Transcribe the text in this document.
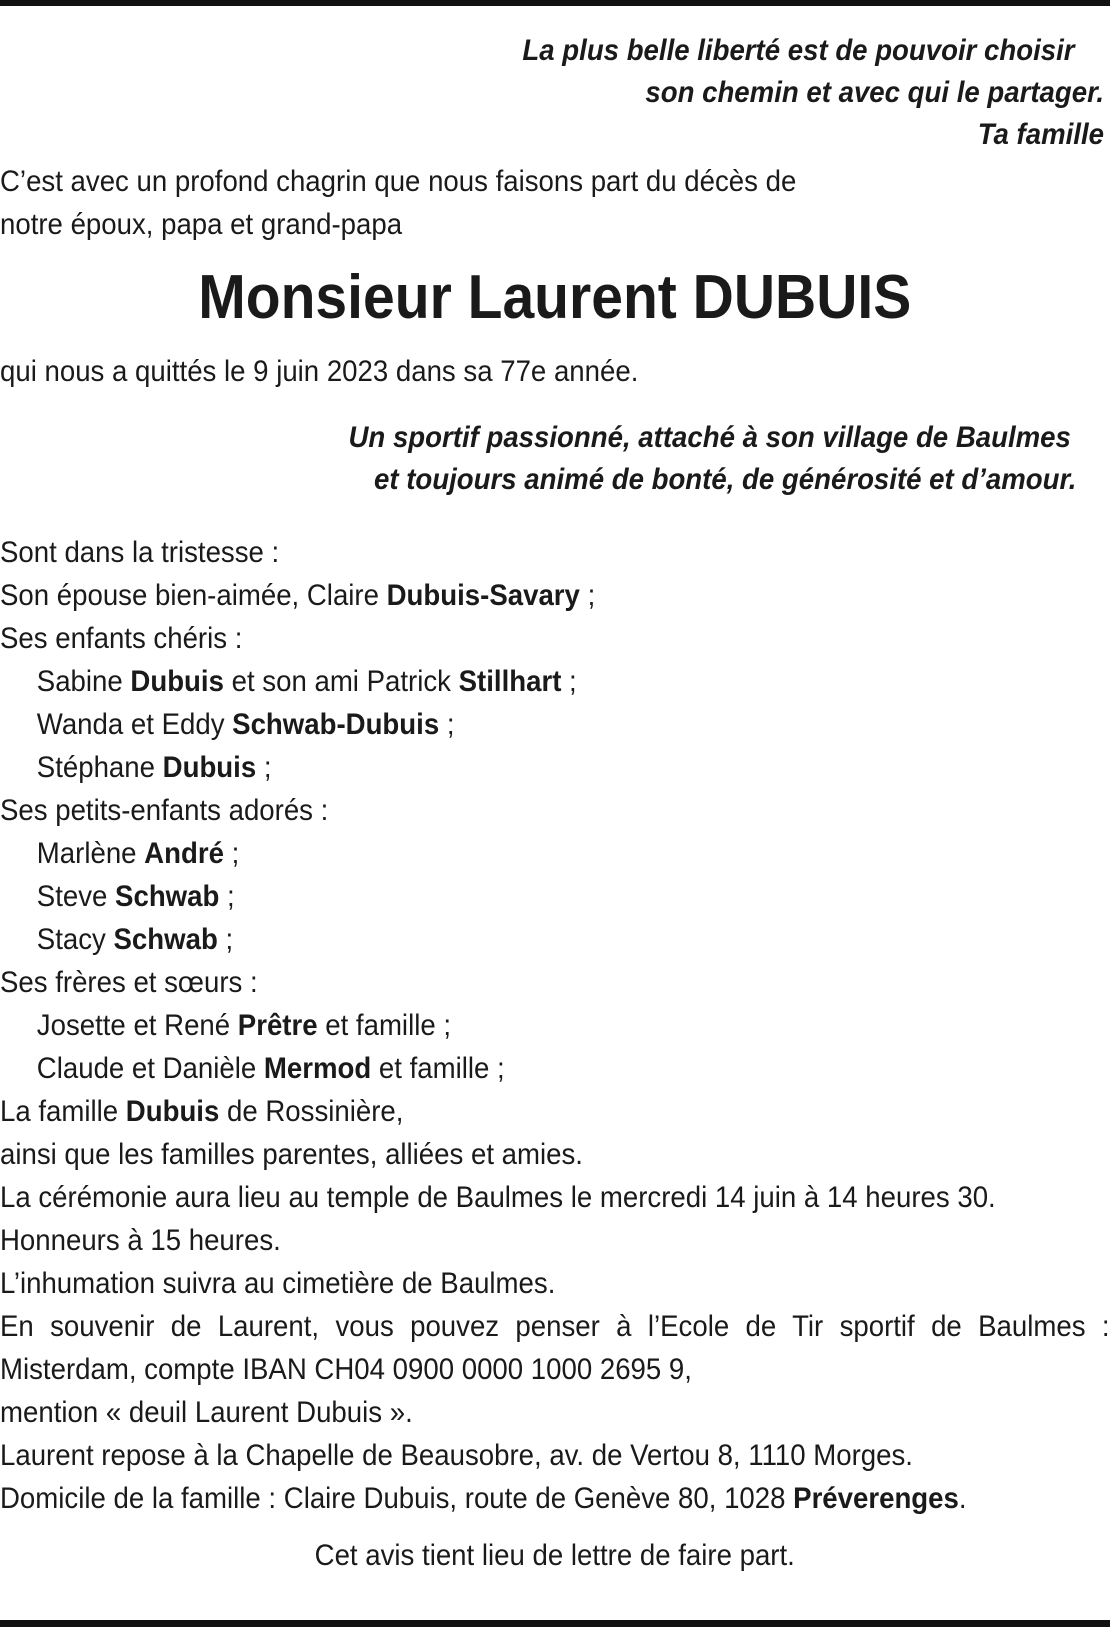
La plus belle liberté est de pouvoir choisir
son chemin et avec qui le partager.
Ta famille
C’est avec un profond chagrin que nous faisons part du décès de
notre époux, papa et grand-papa
Monsieur Laurent DUBUIS
qui nous a quittés le 9 juin 2023 dans sa 77e année.
Un sportif passionné, attaché à son village de Baulmes
et toujours animé de bonté, de générosité et d’amour.
Sont dans la tristesse :
Son épouse bien-aimée, Claire Dubuis-Savary ;
Ses enfants chéris :
Sabine Dubuis et son ami Patrick Stillhart ;
Wanda et Eddy Schwab-Dubuis ;
Stéphane Dubuis ;
Ses petits-enfants adorés :
Marlène André ;
Steve Schwab ;
Stacy Schwab ;
Ses frères et sœurs :
Josette et René Prêtre et famille ;
Claude et Danièle Mermod et famille ;
La famille Dubuis de Rossinière,
ainsi que les familles parentes, alliées et amies.
La cérémonie aura lieu au temple de Baulmes le mercredi 14 juin à 14 heures 30.
Honneurs à 15 heures.
L’inhumation suivra au cimetière de Baulmes.
En souvenir de Laurent, vous pouvez penser à l’Ecole de Tir sportif de Baulmes : Misterdam, compte IBAN CH04 0900 0000 1000 2695 9,
mention « deuil Laurent Dubuis ».
Laurent repose à la Chapelle de Beausobre, av. de Vertou 8, 1110 Morges.
Domicile de la famille : Claire Dubuis, route de Genève 80, 1028 Préverenges.
Cet avis tient lieu de lettre de faire part.
